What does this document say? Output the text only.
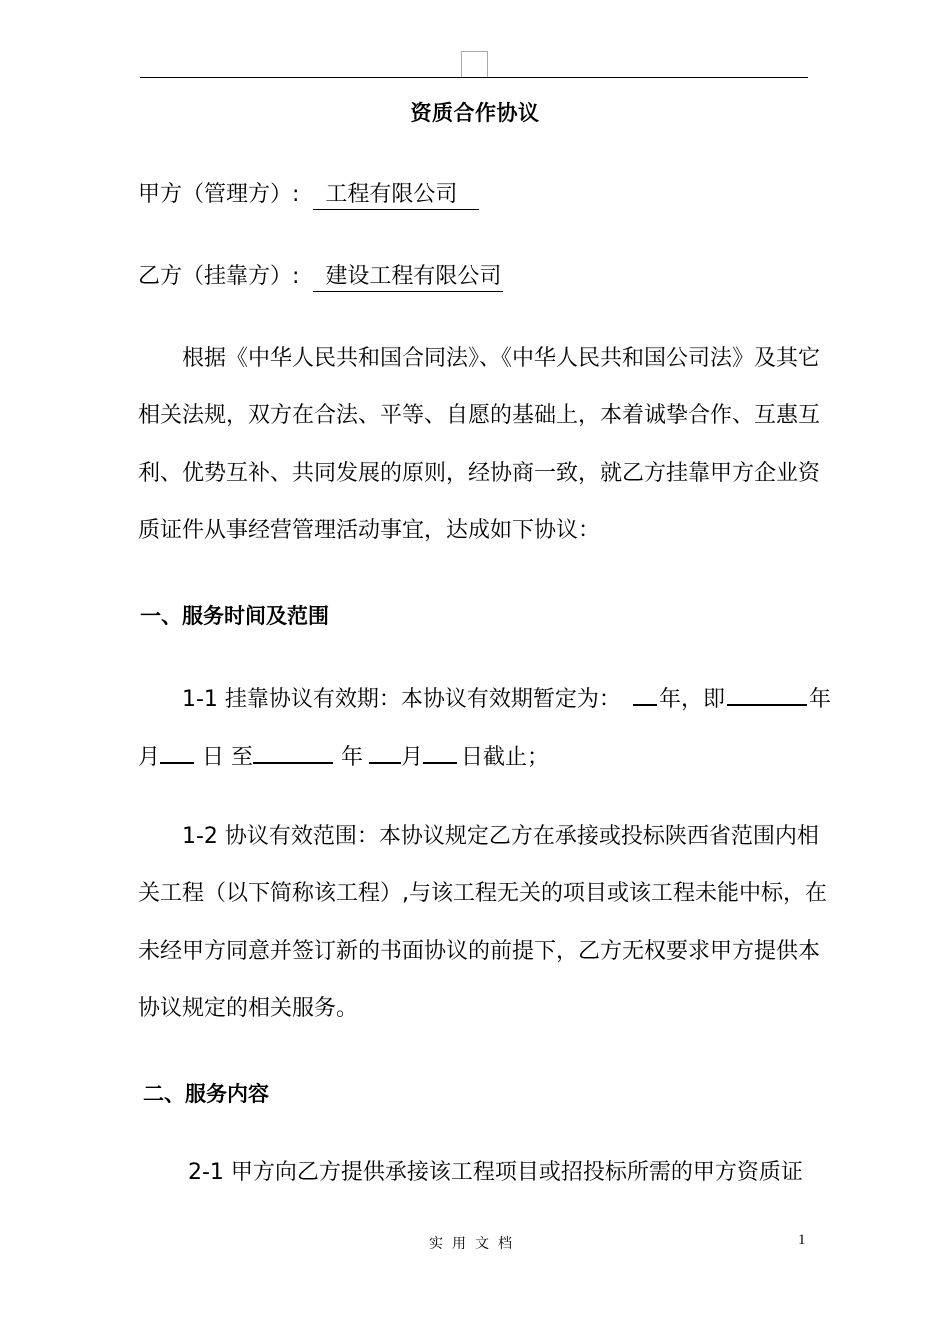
资质合作协议
甲方（管理方）: 工程有限公司
乙方（挂靠方）: 建设工程有限公司
根据《中华人民共和国合同法》、《中华人民共和国公司法》及其它
相关法规，双方在合法、平等、自愿的基础上，本着诚挚合作、互惠互
利、优势互补、共同发展的原则，经协商一致，就乙方挂靠甲方企业资
质证件从事经营管理活动事宜，达成如下协议：
一、服务时间及范围
1-1 挂靠协议有效期：本协议有效期暂定为： 年，即	年
月 日 至	年 月 日截止；
1-2 协议有效范围：本协议规定乙方在承接或投标陕西省范围内相
关工程（以下简称该工程）,与该工程无关的项目或该工程未能中标，在
未经甲方同意并签订新的书面协议的前提下，乙方无权要求甲方提供本
协议规定的相关服务。
二、服务内容
2-1 甲方向乙方提供承接该工程项目或招投标所需的甲方资质证
实用文档	1
